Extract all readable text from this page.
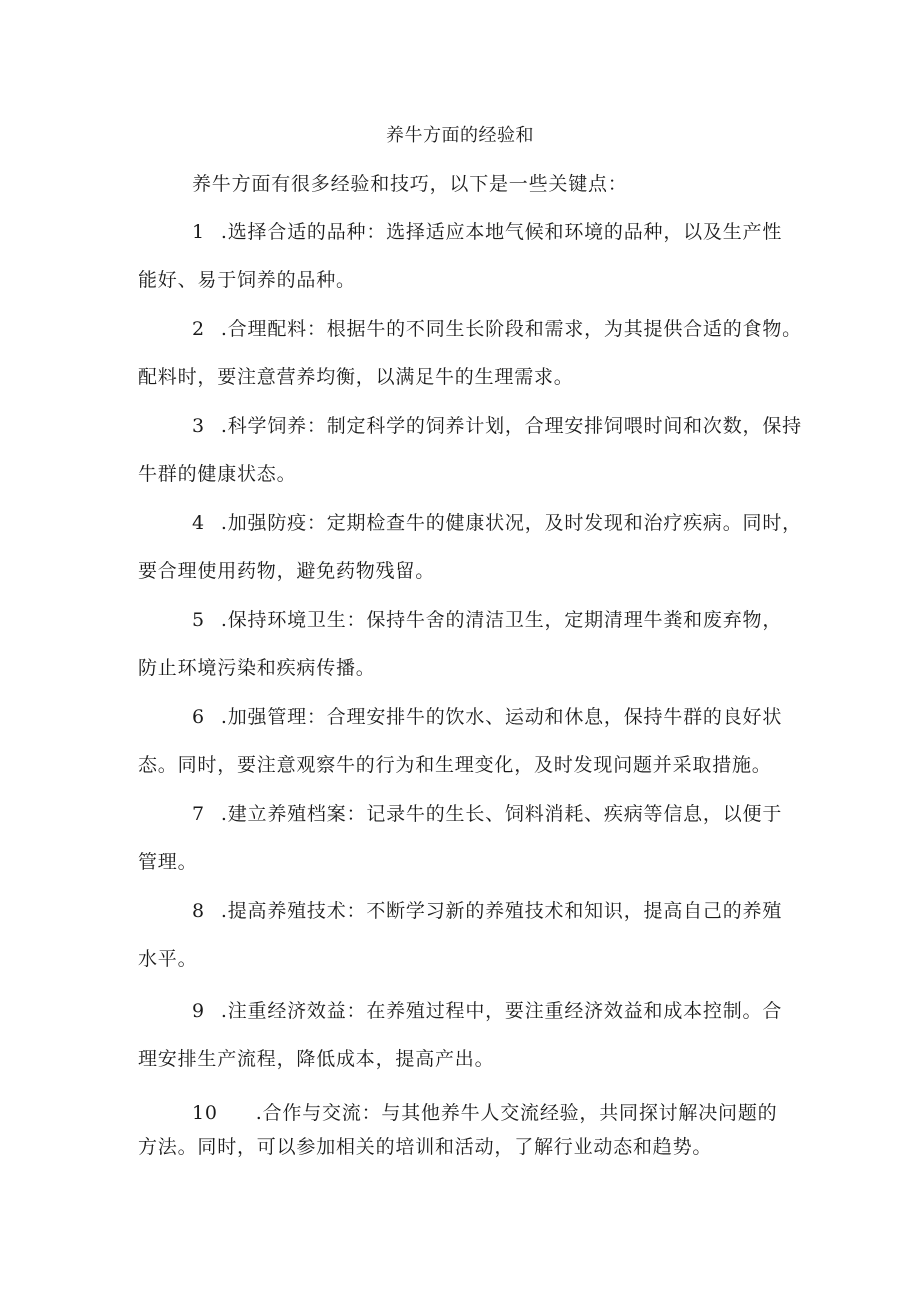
养牛方面的经验和
养牛方面有很多经验和技巧，以下是一些关键点：
1 .选择合适的品种：选择适应本地气候和环境的品种，以及生产性
能好、易于饲养的品种。
2 .合理配料：根据牛的不同生长阶段和需求，为其提供合适的食物。
配料时，要注意营养均衡，以满足牛的生理需求。
3 .科学饲养：制定科学的饲养计划，合理安排饲喂时间和次数，保持
牛群的健康状态。
4 .加强防疫：定期检查牛的健康状况，及时发现和治疗疾病。同时，
要合理使用药物，避免药物残留。
5 .保持环境卫生：保持牛舍的清洁卫生，定期清理牛粪和废弃物，
防止环境污染和疾病传播。
6 .加强管理：合理安排牛的饮水、运动和休息，保持牛群的良好状
态。同时，要注意观察牛的行为和生理变化，及时发现问题并采取措施。
7 .建立养殖档案：记录牛的生长、饲料消耗、疾病等信息，以便于
管理。
8 .提高养殖技术：不断学习新的养殖技术和知识，提高自己的养殖
水平。
9 .注重经济效益：在养殖过程中，要注重经济效益和成本控制。合
理安排生产流程，降低成本，提高产出。
10 .合作与交流：与其他养牛人交流经验，共同探讨解决问题的
方法。同时，可以参加相关的培训和活动，了解行业动态和趋势。
